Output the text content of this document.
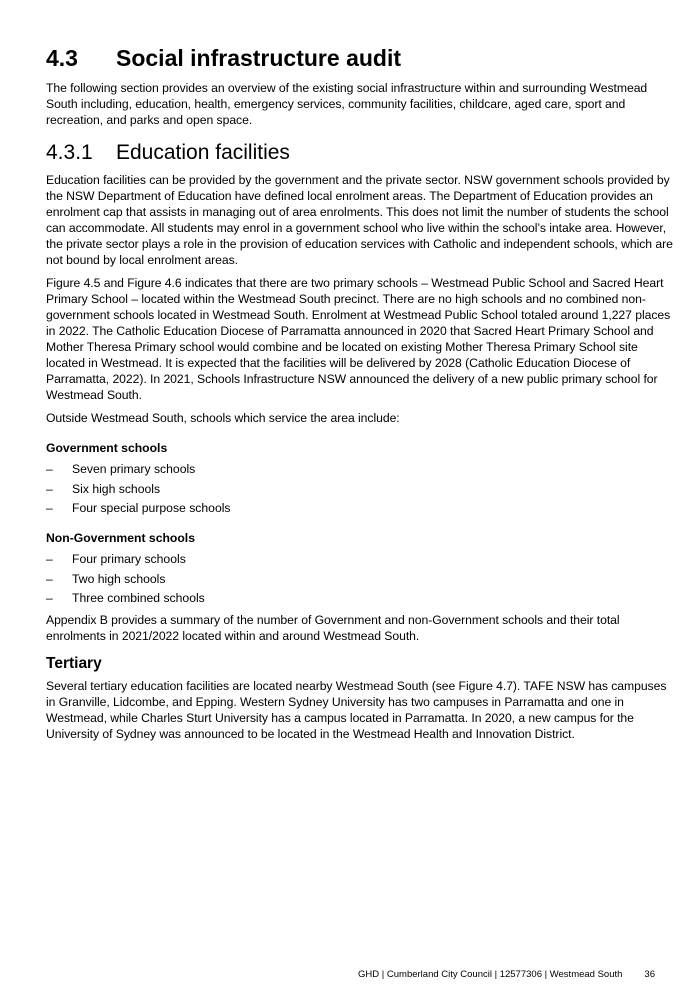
4.3 Social infrastructure audit

The following section provides an overview of the existing social infrastructure within and surrounding Westmead South including, education, health, emergency services, community facilities, childcare, aged care, sport and recreation, and parks and open space.

4.3.1 Education facilities

Education facilities can be provided by the government and the private sector. NSW government schools provided by the NSW Department of Education have defined local enrolment areas. The Department of Education provides an enrolment cap that assists in managing out of area enrolments. This does not limit the number of students the school can accommodate. All students may enrol in a government school who live within the school’s intake area. However, the private sector plays a role in the provision of education services with Catholic and independent schools, which are not bound by local enrolment areas.

Figure 4.5 and Figure 4.6 indicates that there are two primary schools – Westmead Public School and Sacred Heart Primary School – located within the Westmead South precinct. There are no high schools and no combined non-government schools located in Westmead South. Enrolment at Westmead Public School totaled around 1,227 places in 2022. The Catholic Education Diocese of Parramatta announced in 2020 that Sacred Heart Primary School and Mother Theresa Primary school would combine and be located on existing Mother Theresa Primary School site located in Westmead. It is expected that the facilities will be delivered by 2028 (Catholic Education Diocese of Parramatta, 2022). In 2021, Schools Infrastructure NSW announced the delivery of a new public primary school for Westmead South.

Outside Westmead South, schools which service the area include:

Government schools
– Seven primary schools
– Six high schools
– Four special purpose schools
Non-Government schools
– Four primary schools
– Two high schools
– Three combined schools

Appendix B provides a summary of the number of Government and non-Government schools and their total enrolments in 2021/2022 located within and around Westmead South.

Tertiary

Several tertiary education facilities are located nearby Westmead South (see Figure 4.7). TAFE NSW has campuses in Granville, Lidcombe, and Epping. Western Sydney University has two campuses in Parramatta and one in Westmead, while Charles Sturt University has a campus located in Parramatta. In 2020, a new campus for the University of Sydney was announced to be located in the Westmead Health and Innovation District.

GHD | Cumberland City Council | 12577306 | Westmead South 36
